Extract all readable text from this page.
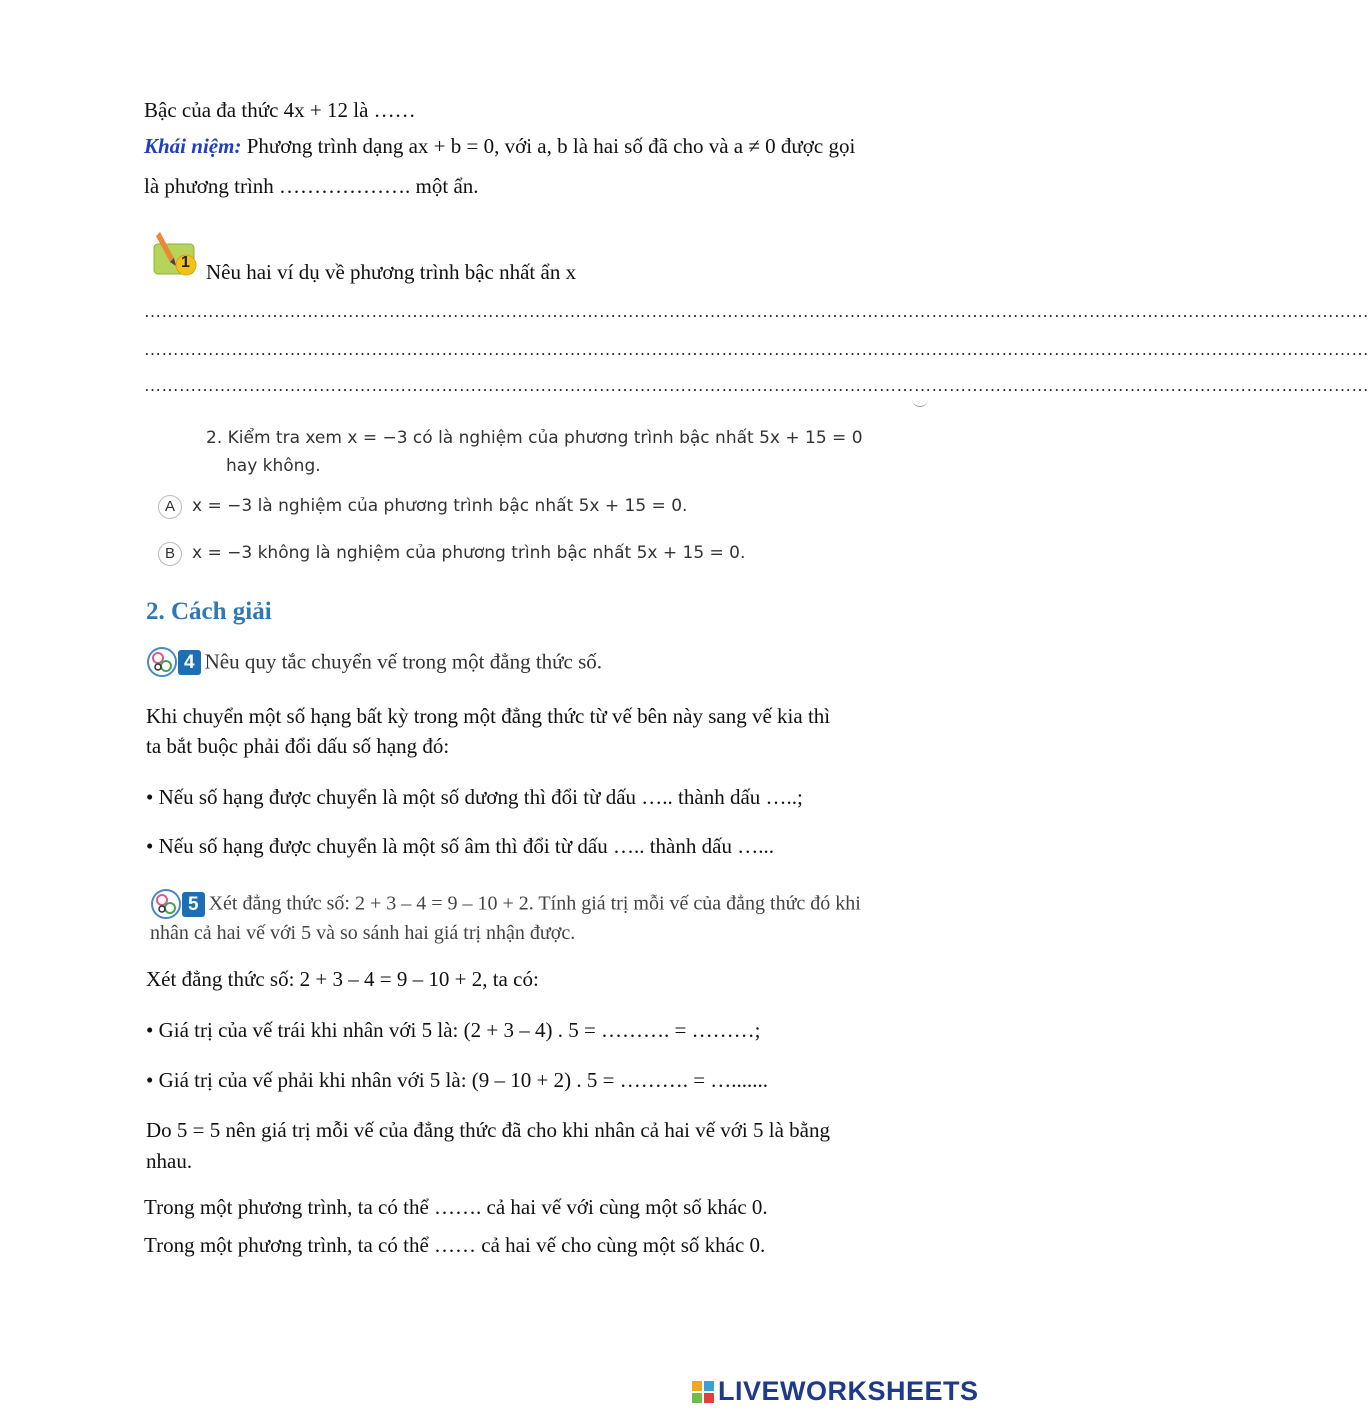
Bậc của đa thức 4x + 12 là ……
Khái niệm: Phương trình dạng ax + b = 0, với a, b là hai số đã cho và a ≠ 0 được gọi
là phương trình ………………. một ẩn.
1 Nêu hai ví dụ về phương trình bậc nhất ẩn x
…………………………………………………………………………………………………………………………………………………………………………………………
…………………………………………………………………………………………………………………………………………………………………………………………
…………………………………………………………………………………………………………………………………………………………………………………………
2. Kiểm tra xem x = −3 có là nghiệm của phương trình bậc nhất 5x + 15 = 0
hay không.
A x = −3 là nghiệm của phương trình bậc nhất 5x + 15 = 0.
B x = −3 không là nghiệm của phương trình bậc nhất 5x + 15 = 0.
2. Cách giải
4 Nêu quy tắc chuyển vế trong một đẳng thức số.
Khi chuyển một số hạng bất kỳ trong một đẳng thức từ vế bên này sang vế kia thì
ta bắt buộc phải đổi dấu số hạng đó:
• Nếu số hạng được chuyển là một số dương thì đổi từ dấu ….. thành dấu …..;
• Nếu số hạng được chuyển là một số âm thì đổi từ dấu ….. thành dấu …...
5 Xét đẳng thức số: 2 + 3 – 4 = 9 – 10 + 2. Tính giá trị mỗi vế của đẳng thức đó khi
nhân cả hai vế với 5 và so sánh hai giá trị nhận được.
Xét đẳng thức số: 2 + 3 – 4 = 9 – 10 + 2, ta có:
• Giá trị của vế trái khi nhân với 5 là: (2 + 3 – 4) . 5 = ………. = ………;
• Giá trị của vế phải khi nhân với 5 là: (9 – 10 + 2) . 5 = ………. = ….......
Do 5 = 5 nên giá trị mỗi vế của đẳng thức đã cho khi nhân cả hai vế với 5 là bằng
nhau.
Trong một phương trình, ta có thể ……. cả hai vế với cùng một số khác 0.
Trong một phương trình, ta có thể …… cả hai vế cho cùng một số khác 0.
LIVEWORKSHEETS
